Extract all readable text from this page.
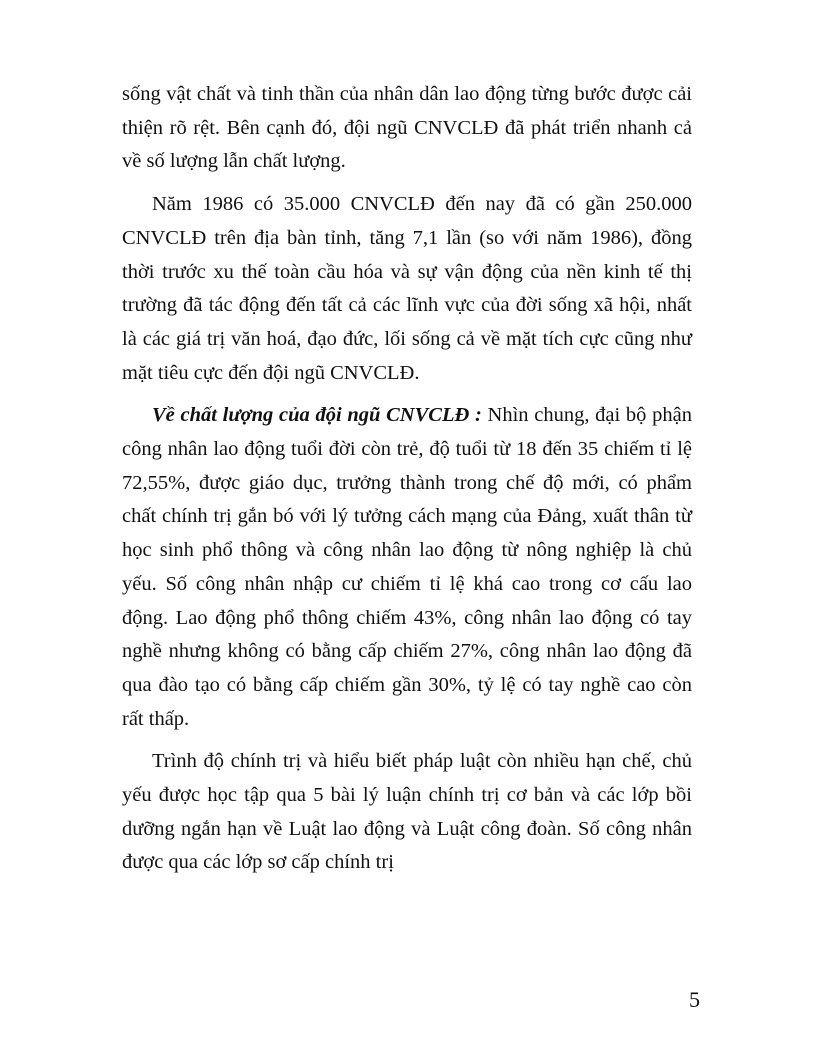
sống vật chất và tinh thần của nhân dân lao động từng bước được cải thiện rõ rệt. Bên cạnh đó, đội ngũ CNVCLĐ đã phát triển nhanh cả về số lượng lẫn chất lượng.

Năm 1986 có 35.000 CNVCLĐ đến nay đã có gần 250.000 CNVCLĐ trên địa bàn tỉnh, tăng 7,1 lần (so với năm 1986), đồng thời trước xu thế toàn cầu hóa và sự vận động của nền kinh tế thị trường đã tác động đến tất cả các lĩnh vực của đời sống xã hội, nhất là các giá trị văn hoá, đạo đức, lối sống cả về mặt tích cực cũng như mặt tiêu cực đến đội ngũ CNVCLĐ.

Về chất lượng của đội ngũ CNVCLĐ : Nhìn chung, đại bộ phận công nhân lao động tuổi đời còn trẻ, độ tuổi từ 18 đến 35 chiếm tỉ lệ 72,55%, được giáo dục, trưởng thành trong chế độ mới, có phẩm chất chính trị gắn bó với lý tưởng cách mạng của Đảng, xuất thân từ học sinh phổ thông và công nhân lao động từ nông nghiệp là chủ yếu. Số công nhân nhập cư chiếm tỉ lệ khá cao trong cơ cấu lao động. Lao động phổ thông chiếm 43%, công nhân lao động có tay nghề nhưng không có bằng cấp chiếm 27%, công nhân lao động đã qua đào tạo có bằng cấp chiếm gần 30%, tỷ lệ có tay nghề cao còn rất thấp.

Trình độ chính trị và hiểu biết pháp luật còn nhiều hạn chế, chủ yếu được học tập qua 5 bài lý luận chính trị cơ bản và các lớp bồi dưỡng ngắn hạn về Luật lao động và Luật công đoàn. Số công nhân được qua các lớp sơ cấp chính trị

5
